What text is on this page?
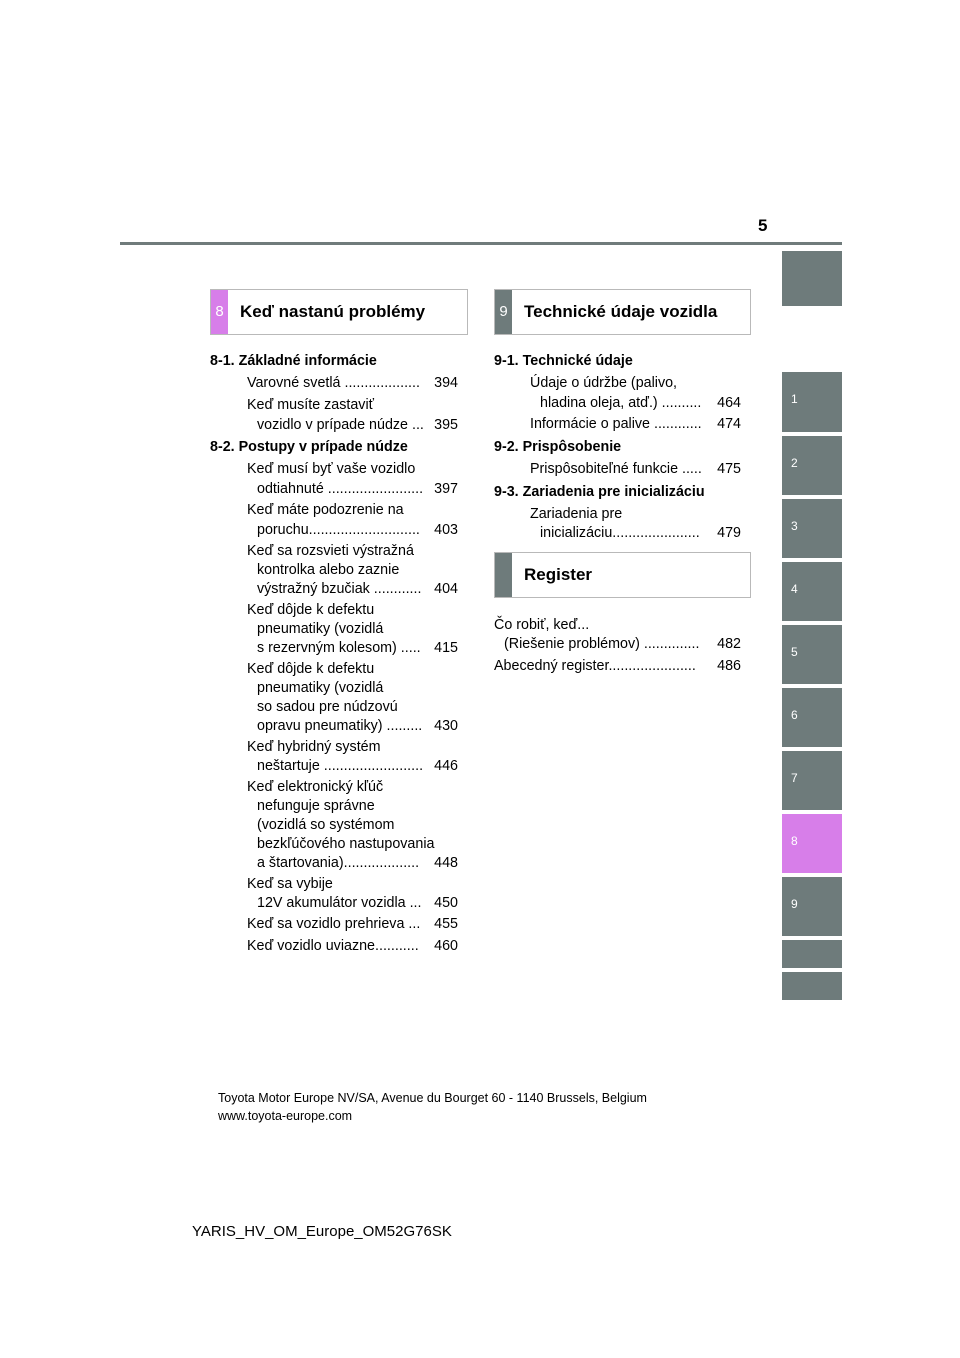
5
1
2
3
4
5
6
7
8
9
8 Keď nastanú problémy	9 Technické údaje vozidla
Register
8-1. Základné informácie
Varovné svetlá ................... 394
Keď musíte zastaviť
vozidlo v prípade núdze ... 395
8-2. Postupy v prípade núdze
Keď musí byť vaše vozidlo
odtiahnuté ........................ 397
Keď máte podozrenie na
poruchu............................ 403
Keď sa rozsvieti výstražná
kontrolka alebo zaznie
výstražný bzučiak ............ 404
Keď dôjde k defektu
pneumatiky (vozidlá
s rezervným kolesom) ..... 415
Keď dôjde k defektu
pneumatiky (vozidlá
so sadou pre núdzovú
opravu pneumatiky) ......... 430
Keď hybridný systém
neštartuje ......................... 446
Keď elektronický kľúč
nefunguje správne
(vozidlá so systémom
bezkľúčového nastupovania
a štartovania)................... 448
Keď sa vybije
12V akumulátor vozidla ... 450
Keď sa vozidlo prehrieva ... 455
Keď vozidlo uviazne........... 460
9-1. Technické údaje
Údaje o údržbe (palivo,
hladina oleja, atď.) .......... 464
Informácie o palive ............ 474
9-2. Prispôsobenie
Prispôsobiteľné funkcie ..... 475
9-3. Zariadenia pre inicializáciu
Zariadenia pre
inicializáciu...................... 479
Čo robiť, keď...
(Riešenie problémov) .............. 482
Abecedný register...................... 486
Toyota Motor Europe NV/SA, Avenue du Bourget 60 - 1140 Brussels, Belgium
www.toyota-europe.com
YARIS_HV_OM_Europe_OM52G76SK
